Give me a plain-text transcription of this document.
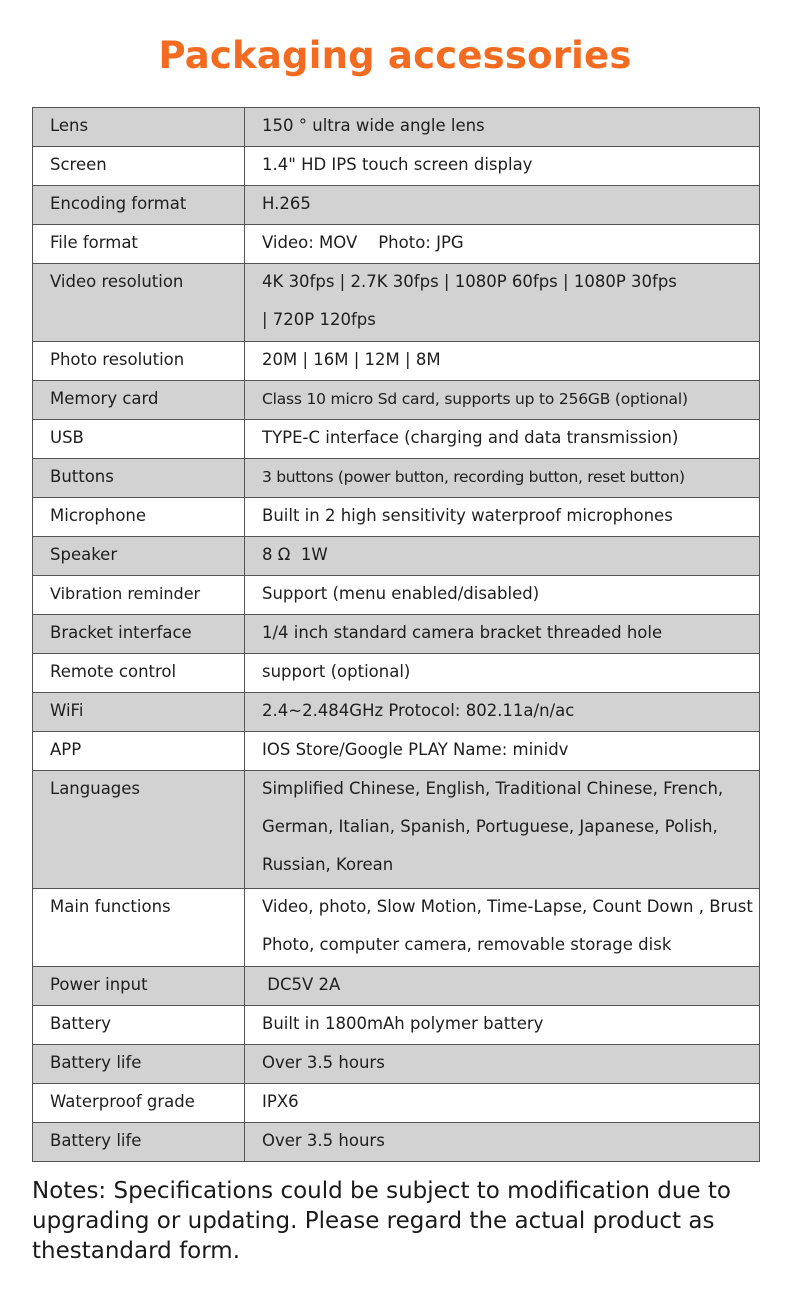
Packaging accessories
Lens	150 ° ultra wide angle lens

Screen	1.4" HD IPS touch screen display

Encoding format	H.265

File format	Video: MOV    Photo: JPG

Video resolution	4K 30fps | 2.7K 30fps | 1080P 60fps | 1080P 30fps | 720P 120fps

Photo resolution	20M | 16M | 12M | 8M

Memory card	Class 10 micro Sd card, supports up to 256GB (optional)

USB	TYPE-C interface (charging and data transmission)

Buttons	3 buttons (power button, recording button, reset button)

Microphone	Built in 2 high sensitivity waterproof microphones

Speaker	8 Ω  1W

Vibration reminder	Support (menu enabled/disabled)

Bracket interface	1/4 inch standard camera bracket threaded hole

Remote control	support (optional)

WiFi	2.4~2.484GHz Protocol: 802.11a/n/ac

APP	IOS Store/Google PLAY Name: minidv

Languages	Simplified Chinese, English, Traditional Chinese, French, German, Italian, Spanish, Portuguese, Japanese, Polish, Russian, Korean

Main functions	Video, photo, Slow Motion, Time-Lapse, Count Down , Brust Photo, computer camera, removable storage disk

Power input	DC5V 2A

Battery	Built in 1800mAh polymer battery

Battery life	Over 3.5 hours

Waterproof grade	IPX6

Battery life	Over 3.5 hours

Notes: Specifications could be subject to modification due to upgrading or updating. Please regard the actual product as thestandard form.
